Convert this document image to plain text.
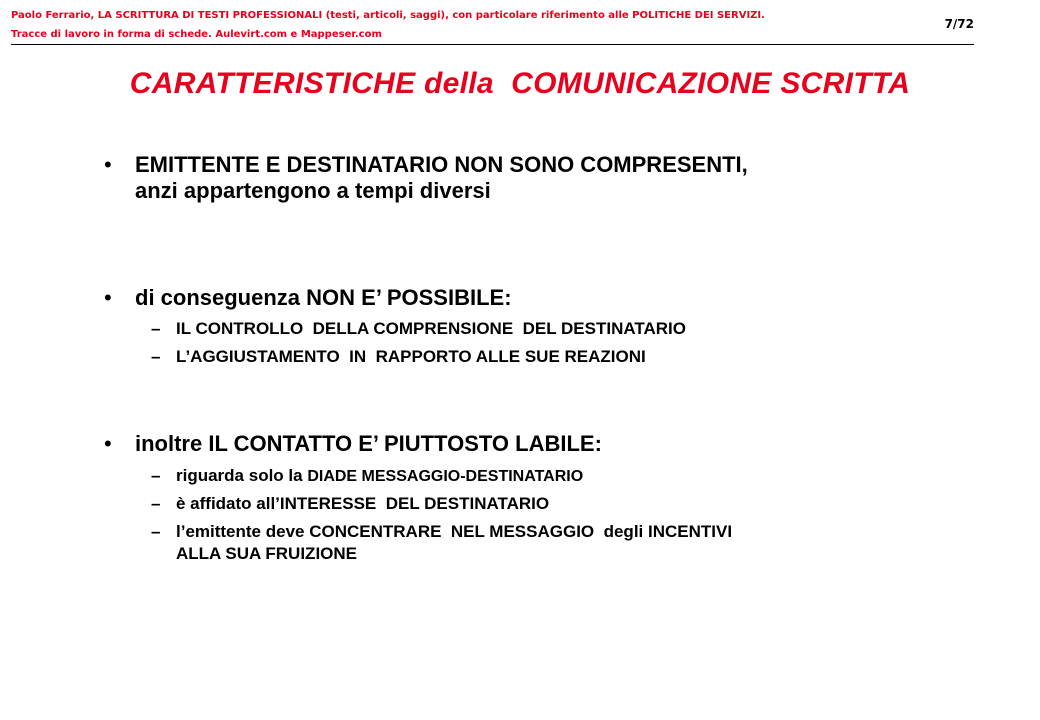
Paolo Ferrario, LA SCRITTURA DI TESTI PROFESSIONALI (testi, articoli, saggi), con particolare riferimento alle POLITICHE DEI SERVIZI.
Tracce di lavoro in forma di schede. Aulevirt.com e Mappeser.com
7/72
CARATTERISTICHE della  COMUNICAZIONE SCRITTA
• EMITTENTE E DESTINATARIO NON SONO COMPRESENTI,
anzi appartengono a tempi diversi
• di conseguenza NON E’ POSSIBILE:
– IL CONTROLLO  DELLA COMPRENSIONE  DEL DESTINATARIO
– L’AGGIUSTAMENTO  IN  RAPPORTO ALLE SUE REAZIONI
• inoltre IL CONTATTO E’ PIUTTOSTO LABILE:
– riguarda solo la DIADE MESSAGGIO-DESTINATARIO
– è affidato all’INTERESSE  DEL DESTINATARIO
– l’emittente deve CONCENTRARE  NEL MESSAGGIO  degli INCENTIVI
ALLA SUA FRUIZIONE
